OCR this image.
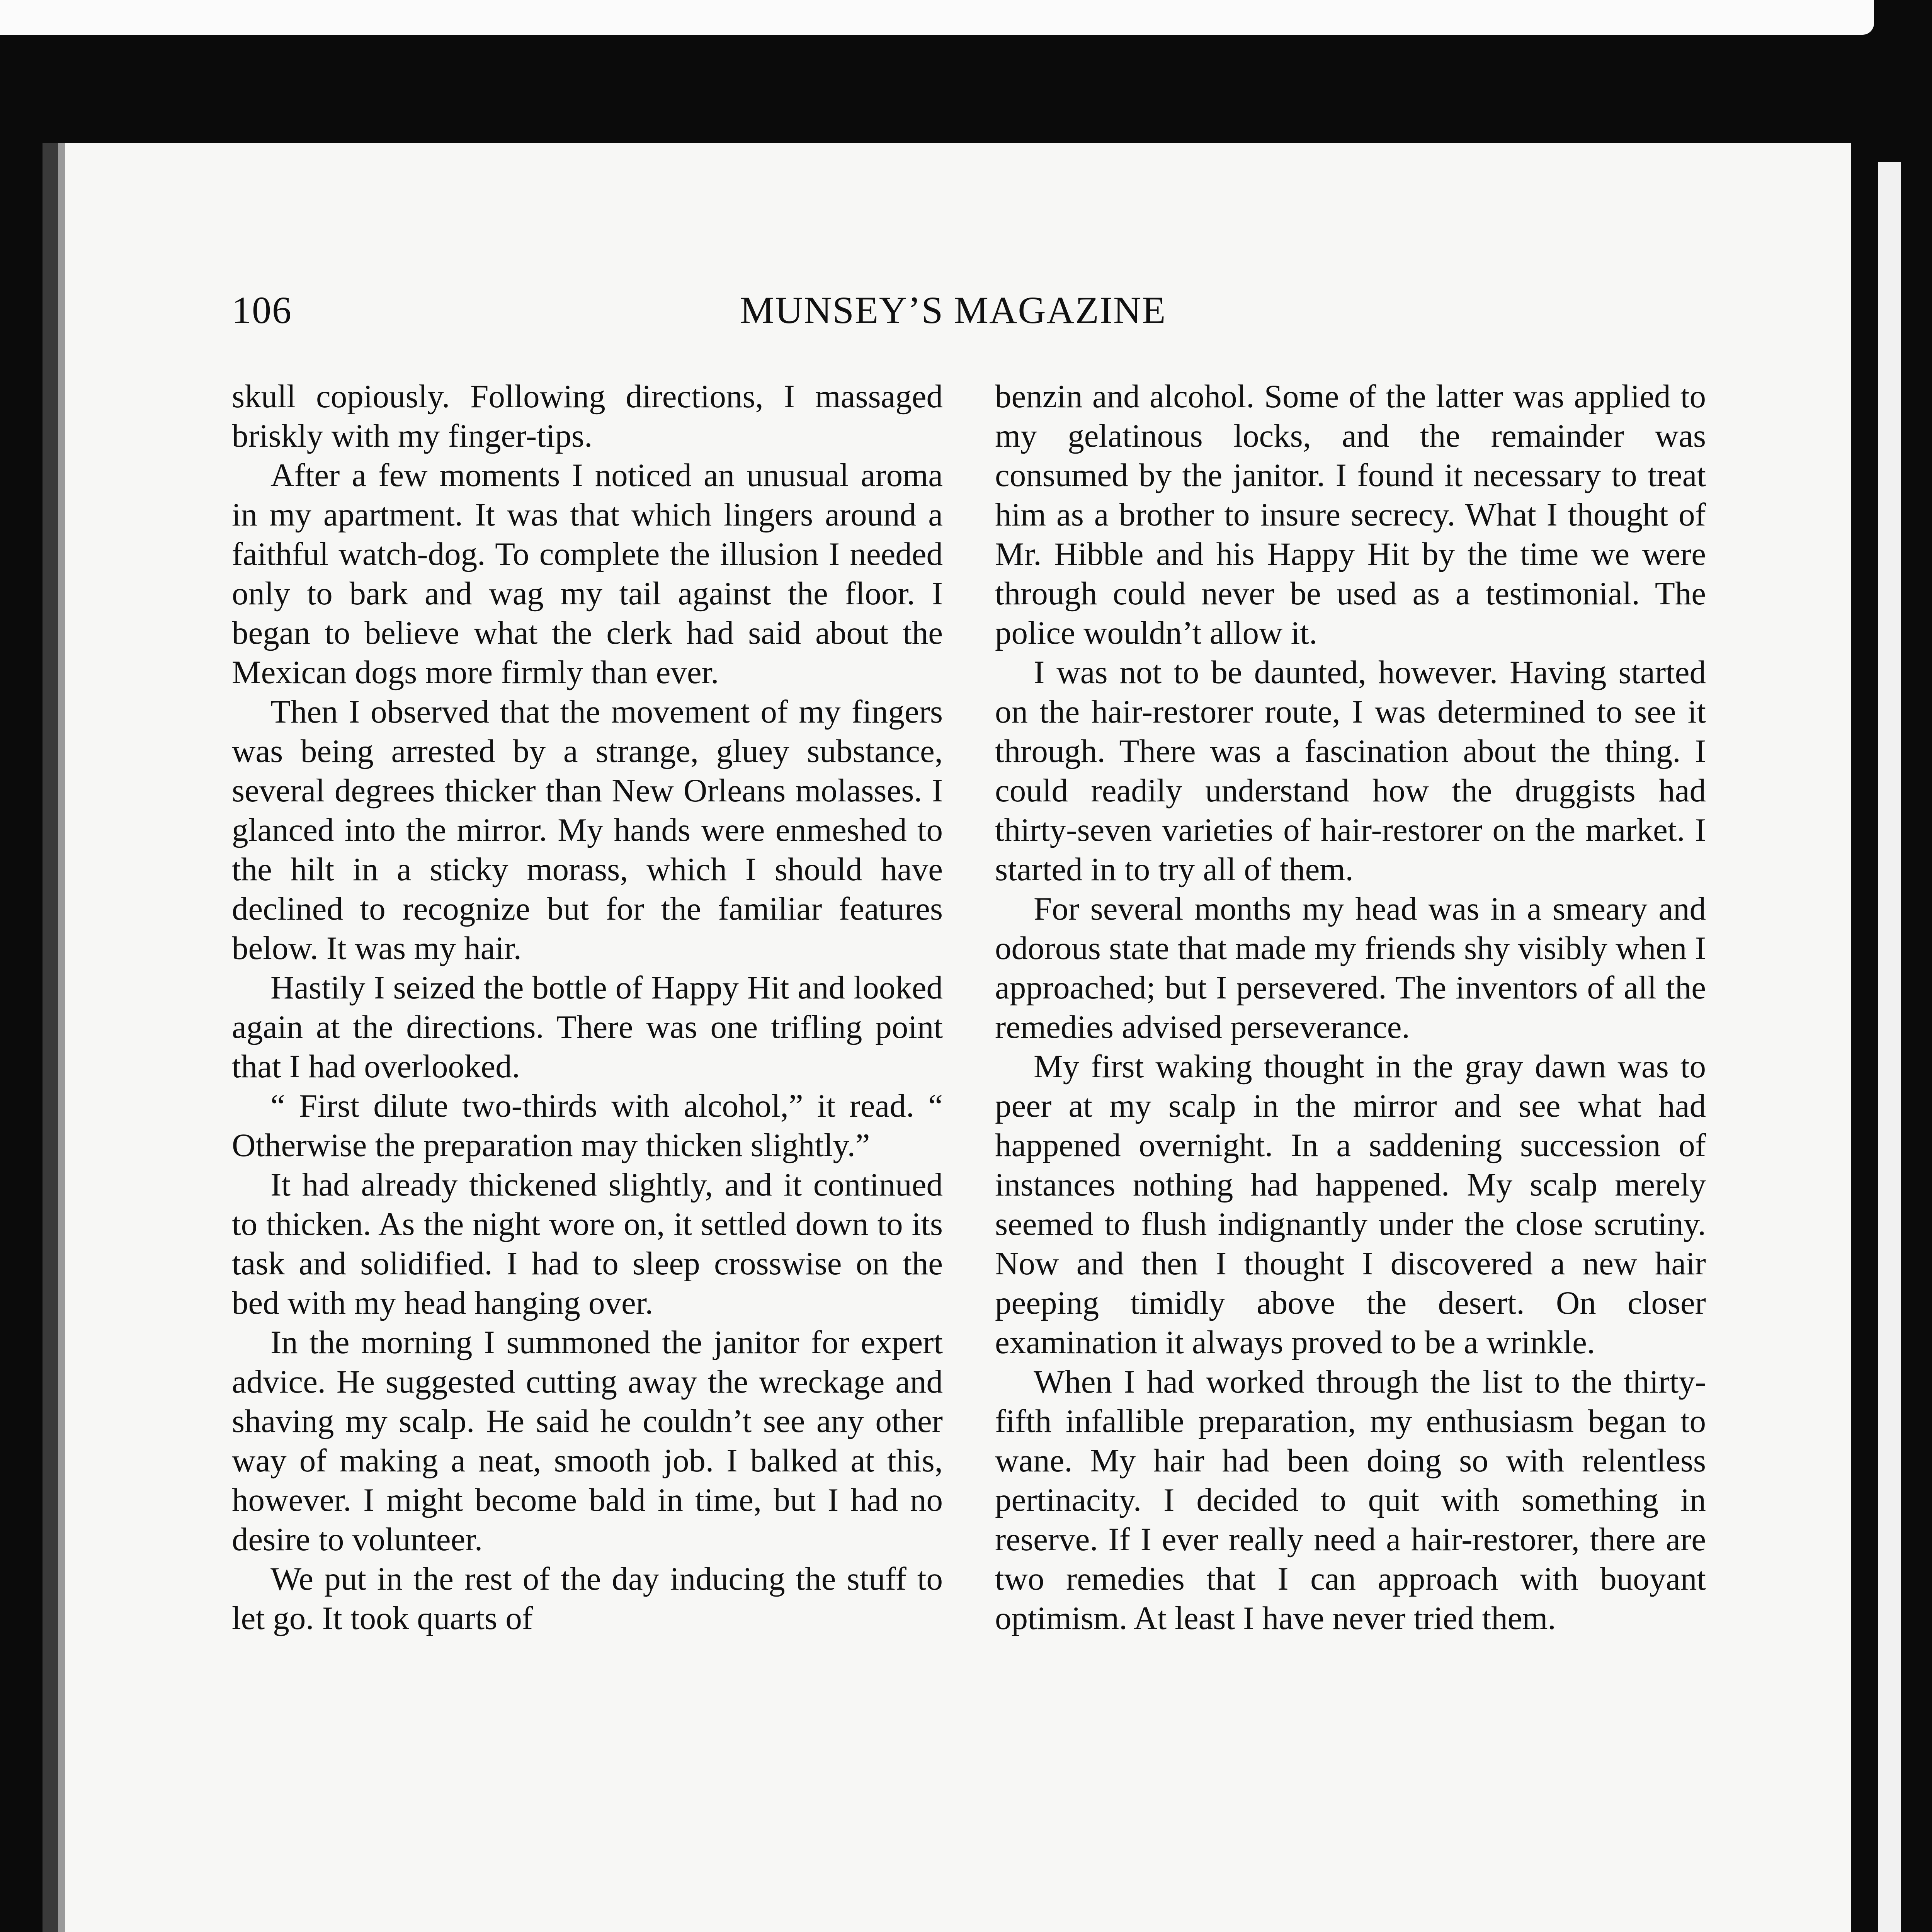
106	MUNSEY’S MAGAZINE

skull copiously. Following directions, I massaged briskly with my finger-tips.

After a few moments I noticed an unusual aroma in my apartment. It was that which lingers around a faithful watch-dog. To complete the illusion I needed only to bark and wag my tail against the floor. I began to believe what the clerk had said about the Mexican dogs more firmly than ever.

Then I observed that the movement of my fingers was being arrested by a strange, gluey substance, several degrees thicker than New Orleans molasses. I glanced into the mirror. My hands were enmeshed to the hilt in a sticky morass, which I should have declined to recognize but for the familiar features below. It was my hair.

Hastily I seized the bottle of Happy Hit and looked again at the directions. There was one trifling point that I had overlooked.

“ First dilute two-thirds with alcohol,” it read. “ Otherwise the preparation may thicken slightly.”

It had already thickened slightly, and it continued to thicken. As the night wore on, it settled down to its task and solidified. I had to sleep crosswise on the bed with my head hanging over.

In the morning I summoned the janitor for expert advice. He suggested cutting away the wreckage and shaving my scalp. He said he couldn’t see any other way of making a neat, smooth job. I balked at this, however. I might become bald in time, but I had no desire to volunteer.

We put in the rest of the day inducing the stuff to let go. It took quarts of

benzin and alcohol. Some of the latter was applied to my gelatinous locks, and the remainder was consumed by the janitor. I found it necessary to treat him as a brother to insure secrecy. What I thought of Mr. Hibble and his Happy Hit by the time we were through could never be used as a testimonial. The police wouldn’t allow it.

I was not to be daunted, however. Having started on the hair-restorer route, I was determined to see it through. There was a fascination about the thing. I could readily understand how the druggists had thirty-seven varieties of hair-restorer on the market. I started in to try all of them.

For several months my head was in a smeary and odorous state that made my friends shy visibly when I approached; but I persevered. The inventors of all the remedies advised perseverance.

My first waking thought in the gray dawn was to peer at my scalp in the mirror and see what had happened overnight. In a saddening succession of instances nothing had happened. My scalp merely seemed to flush indignantly under the close scrutiny. Now and then I thought I discovered a new hair peeping timidly above the desert. On closer examination it always proved to be a wrinkle.

When I had worked through the list to the thirty-fifth infallible preparation, my enthusiasm began to wane. My hair had been doing so with relentless pertinacity. I decided to quit with something in reserve. If I ever really need a hair-restorer, there are two remedies that I can approach with buoyant optimism. At least I have never tried them.
